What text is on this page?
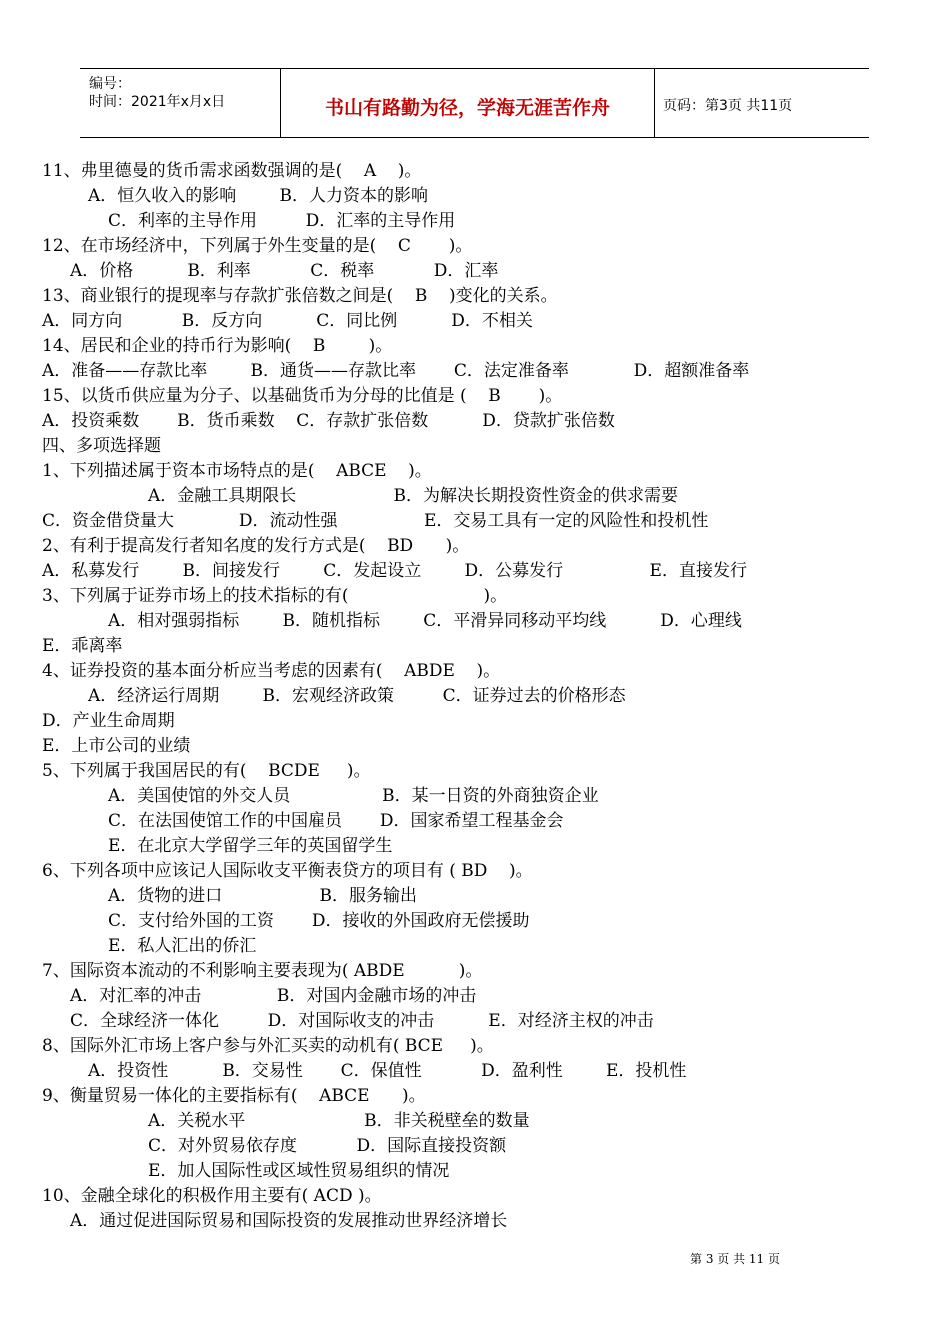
编号：
时间：2021年x月x日	书山有路勤为径，学海无涯苦作舟	页码：第3页 共11页
11、弗里德曼的货币需求函数强调的是(    A    )。
A．恒久收入的影响        B．人力资本的影响
C．利率的主导作用         D．汇率的主导作用
12、在市场经济中，下列属于外生变量的是(    C       )。
A．价格          B．利率           C．税率           D．汇率
13、商业银行的提现率与存款扩张倍数之间是(    B    )变化的关系。
A．同方向           B．反方向          C．同比例          D．不相关
14、居民和企业的持币行为影响(    B        )。
A．准备——存款比率        B．通货——存款比率       C．法定准备率            D．超额准备率
15、以货币供应量为分子、以基础货币为分母的比值是 (    B       )。
A．投资乘数       B．货币乘数    C．存款扩张倍数          D．贷款扩张倍数
四、多项选择题
1、下列描述属于资本市场特点的是(    ABCE    )。
A．金融工具期限长                  B．为解决长期投资性资金的供求需要
C．资金借贷量大            D．流动性强                E．交易工具有一定的风险性和投机性
2、有利于提高发行者知名度的发行方式是(    BD      )。
A．私募发行        B．间接发行        C．发起设立        D．公募发行                E．直接发行
3、下列属于证券市场上的技术指标的有(                         )。
A．相对强弱指标        B．随机指标        C．平滑异同移动平均线          D．心理线
E．乖离率
4、证券投资的基本面分析应当考虑的因素有(    ABDE    )。
A．经济运行周期        B．宏观经济政策         C．证券过去的价格形态
D．产业生命周期
E．上市公司的业绩
5、下列属于我国居民的有(    BCDE     )。
A．美国使馆的外交人员                 B．某一日资的外商独资企业
C．在法国使馆工作的中国雇员       D．国家希望工程基金会
E．在北京大学留学三年的英国留学生
6、下列各项中应该记人国际收支平衡表贷方的项目有 ( BD    )。
A．货物的进口                  B．服务输出
C．支付给外国的工资       D．接收的外国政府无偿援助
E．私人汇出的侨汇
7、国际资本流动的不利影响主要表现为( ABDE          )。
A．对汇率的冲击              B．对国内金融市场的冲击
C．全球经济一体化         D．对国际收支的冲击          E．对经济主权的冲击
8、国际外汇市场上客户参与外汇买卖的动机有( BCE     )。
A．投资性          B．交易性       C．保值性           D．盈利性        E．投机性
9、衡量贸易一体化的主要指标有(    ABCE      )。
A．关税水平                      B．非关税壁垒的数量
C．对外贸易依存度           D．国际直接投资额
E．加人国际性或区域性贸易组织的情况
10、金融全球化的积极作用主要有( ACD )。
A．通过促进国际贸易和国际投资的发展推动世界经济增长
第 3 页 共 11 页
